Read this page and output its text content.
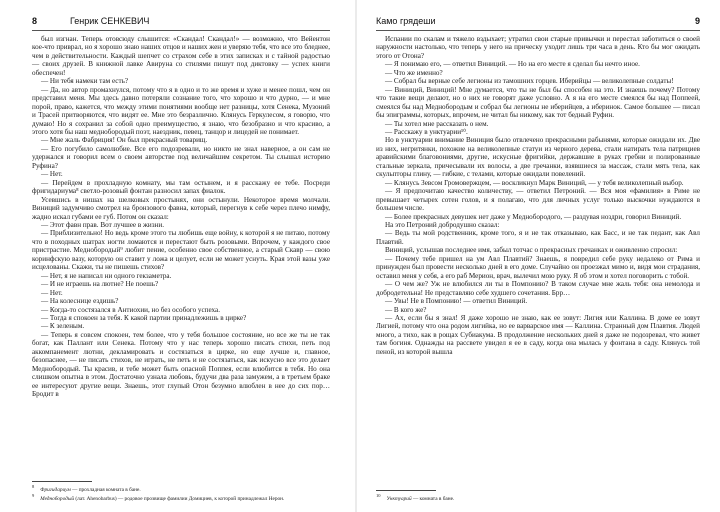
8	Генрик СЕНКЕВИЧ

был изгнан. Теперь отовсюду слышится: «Скандал! Скандал!» — возможно, что Вейентон кое-что приврал, но я хорошо знаю наших отцов и наших жен и уверяю тебя, что все это бледнее, чем в действительности. Каждый шепчет со страхом себе в этих записках и с тайной радостью — своих друзей. В книжной лавке Авируна со стилями пишут под диктовку — успех книги обеспечен!

— Ни тебя намеки там есть?

— Да, но автор промахнулся, потому что я в одно и то же время и хуже и менее пошл, чем он представил меня. Мы здесь давно потеряли сознание того, что хорошо и что дурно, — и мне порой, право, кажется, что между этими понятиями вообще нет разницы, хотя Сенека, Музоний и Трасей притворяются, что видят ее. Мне это безразлично. Клянусь Геркулесом, я говорю, что думаю! Но я сохранил за собой одно преимущество, я знаю, что безобразно и что красиво, а этого хотя бы наш меднобородый поэт, наездник, певец, танцор и лицедей не понимает.

— Мне жаль Фабриция! Он был прекрасный товарищ.

— Его погубило самолюбие. Все его подозревали, но никто не знал наверное, а он сам не удержался и говорил всем о своем авторстве под величайшим секретом. Ты слышал историю Руфина?

— Нет.

— Перейдем в прохладную комнату, мы там остынем, и я расскажу ее тебе. Посреди фригидариума⁸ светло-розовый фонтан разносил запах фиалок.

Усевшись в нишах на шелковых простынях, они остынули. Некоторое время молчали. Виниций задумчиво смотрел на бронзового фавна, который, перегнув к себе через плечо нимфу, жадно искал губами ее губ. Потом он сказал:

— Этот фавн прав. Вот лучшее в жизни.

— Приблизительно! Но ведь кроме этого ты любишь еще войну, к которой я не питаю, потому что в походных шатрах ногти ломаются и перестают быть розовыми. Впрочем, у каждого свое пристрастие. Меднобородый⁹ любит пение, особенно свое собственное, а старый Скавр — свою коринфскую вазу, которую он ставит у ложа и целует, если не может уснуть. Края этой вазы уже исцелованы. Скажи, ты не пишешь стихов?

— Нет, я не написал ни одного гекзаметра.

— И не играешь на лютне? Не поешь?

— Нет.

— На колеснице ездишь?

— Когда-то состязался в Антиохии, но без особого успеха.

— Тогда я спокоен за тебя. К какой партии принадлежишь в цирке?

— К зеленым.

— Теперь я совсем спокоен, тем более, что у тебя большое состояние, но все же ты не так богат, как Паллант или Сенека. Потому что у нас теперь хорошо писать стихи, петь под аккомпанемент лютни, декламировать и состязаться в цирке, но еще лучше и, главное, безопаснее, — не писать стихов, не играть, не петь и не состязаться, как искусно все это делает Меднобородый. Ты красив, и тебе может быть опасной Поппея, если влюбится в тебя. Но она слишком опытна в этом. Достаточно узнала любовь, будучи два раза замужем, а в третьем браке ее интересуют другие вещи. Знаешь, этот глупый Отон безумно влюблен в нее до сих пор… Бродит в

Камо грядеши	9

Испании по скалам и тяжело вздыхает; утратил свои старые привычки и перестал заботиться о своей наружности настолько, что теперь у него на прическу уходит лишь три часа в день. Кто бы мог ожидать этого от Отона?

— Я понимаю его, — ответил Виниций. — Но на его месте я сделал бы нечто иное.

— Что же именно?

— Собрал бы верные себе легионы из тамошних горцев. Иберийцы — великолепные солдаты!

— Виниций, Виниций! Мне думается, что ты не был бы способен на это. И знаешь почему? Потому что такие вещи делают, но о них не говорят даже условно. А я на его месте смеялся бы над Поппеей, смеялся бы над Меднобородым и собрал бы легионы не иберийцев, а иберинок. Самое большее — писал бы эпиграммы, которых, впрочем, не читал бы никому, как тот бедный Руфин.

— Ты хотел мне рассказать о нем.

— Расскажу в унктуарии¹⁰.

Но в унктуарии внимание Виниция было отвлечено прекрасными рабынями, которые ожидали их. Две из них, негритянки, похожие на великолепные статуи из черного дерева, стали натирать тела патрициев аравийскими благовониями, другие, искусные фригийки, державшие в руках гребни и полированные стальные зеркала, причесывали их волосы, а две гречанки, взявшиеся за массаж, стали мять тела, как скульпторы глину, — гибкие, с телами, которые ожидали повелений.

— Клянусь Зевсом Громовержцем, — воскликнул Марк Виниций, — у тебя великолепный выбор.

— Я предпочитаю качество количеству, — ответил Петроний. — Вся моя «фамилия» в Риме не превышает четырех сотен голов, и я полагаю, что для личных услуг только выскочки нуждаются в большем числе.

— Более прекрасных девушек нет даже у Меднобородого, — раздувая ноздри, говорил Виниций.

На это Петроний добродушно сказал:

— Ведь ты мой родственник, кроме того, я и не так отказываю, как Басс, и не так педант, как Авл Плавтий.

Виниций, услышав последнее имя, забыл тотчас о прекрасных гречанках и оживленно спросил:

— Почему тебе пришел на ум Авл Плавтий? Знаешь, я повредил себе руку недалеко от Рима и принужден был провести несколько дней в его доме. Случайно он проезжал мимо и, видя мои страдания, оставил меня у себя, а его раб Мерион, врач, вылечил мою руку. Я об этом и хотел поговорить с тобой.

— О чем же? Уж не влюбился ли ты в Помпонию? В таком случае мне жаль тебя: она немолода и добродетельна! Не представляю себе худшего сочетания. Брр…

— Увы! Не в Помпонию! — ответил Виниций.

— В кого же?

— Ах, если бы я знал! Я даже хорошо не знаю, как ее зовут: Лигия или Каллина. В доме ее зовут Лигией, потому что она родом лигийка, но ее варварское имя — Каллина. Странный дом Плавтия. Людей много, а тихо, как в рощах Субиакума. В продолжение нескольких дней я даже не подозревал, что живет там богиня. Однажды на рассвете увидел я ее в саду, когда она мылась у фонтана в саду. Клянусь той пеной, из которой вышла

$^8$Фригидариум — прохладная комната в бане.
$^9$Меднобородый (лат. Ahenobarbus) — родовое прозвище фамилии Домициев, к которой принадлежал Нерон.
$^{10}$Унктуарий — комната в бане.
